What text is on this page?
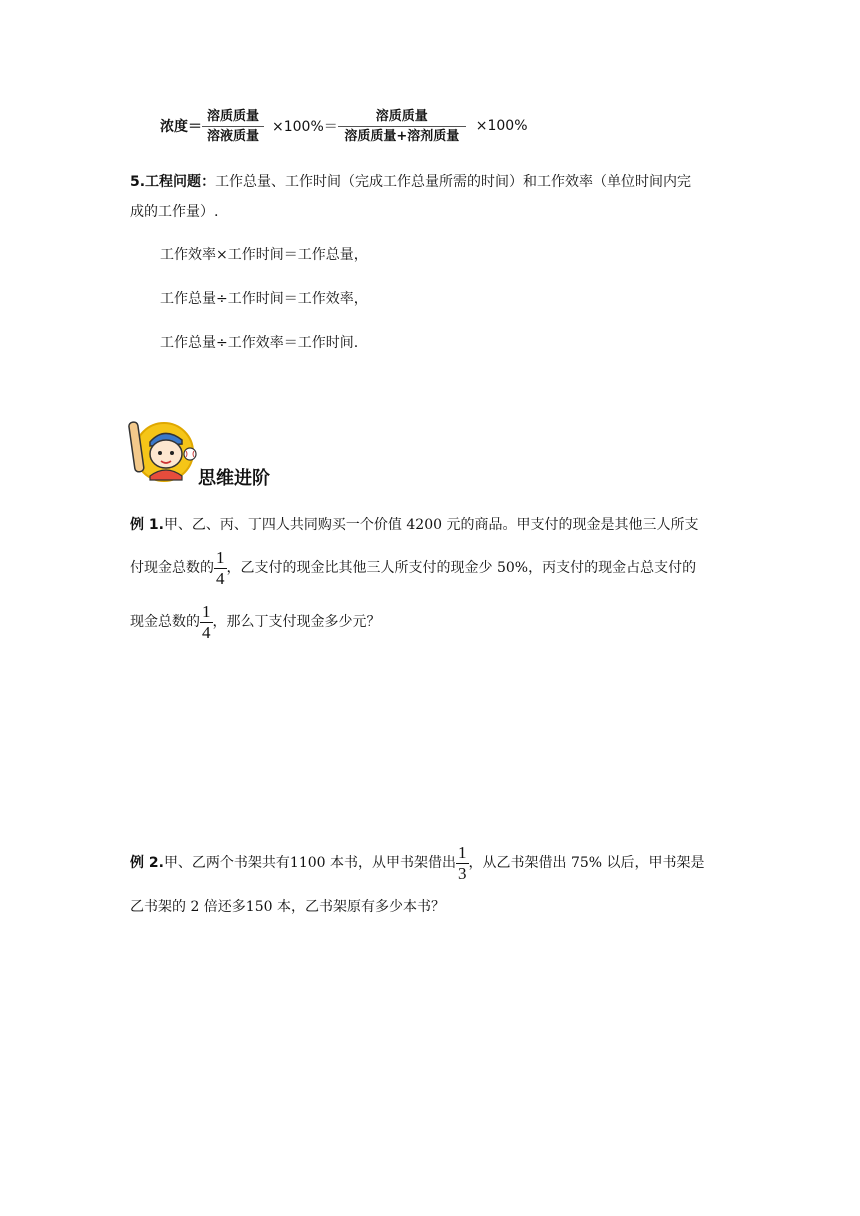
浓度＝ $\frac{\text{溶质质量}}{\text{溶液质量}} \times 100\%= \frac{\text{溶质质量}}{\text{溶质质量+溶剂质量}} \times 100\%$
5.工程问题：工作总量、工作时间（完成工作总量所需的时间）和工作效率（单位时间内完
成的工作量）.
工作效率×工作时间＝工作总量，
工作总量÷工作时间＝工作效率，
工作总量÷工作效率＝工作时间.
思维进阶
例 1.甲、乙、丙、丁四人共同购买一个价值 4200 元的商品。甲支付的现金是其他三人所支
付现金总数的 $\frac{1}{4}$ ，乙支付的现金比其他三人所支付的现金少 50%，丙支付的现金占总支付的
现金总数的 $\frac{1}{4}$ ，那么丁支付现金多少元？
例 2. 甲、乙两个书架共有1100 本书，从甲书架借出 $\frac{1}{3}$ ，从乙书架借出 75% 以后，甲书架是
乙书架的 2 倍还多150 本，乙书架原有多少本书？
